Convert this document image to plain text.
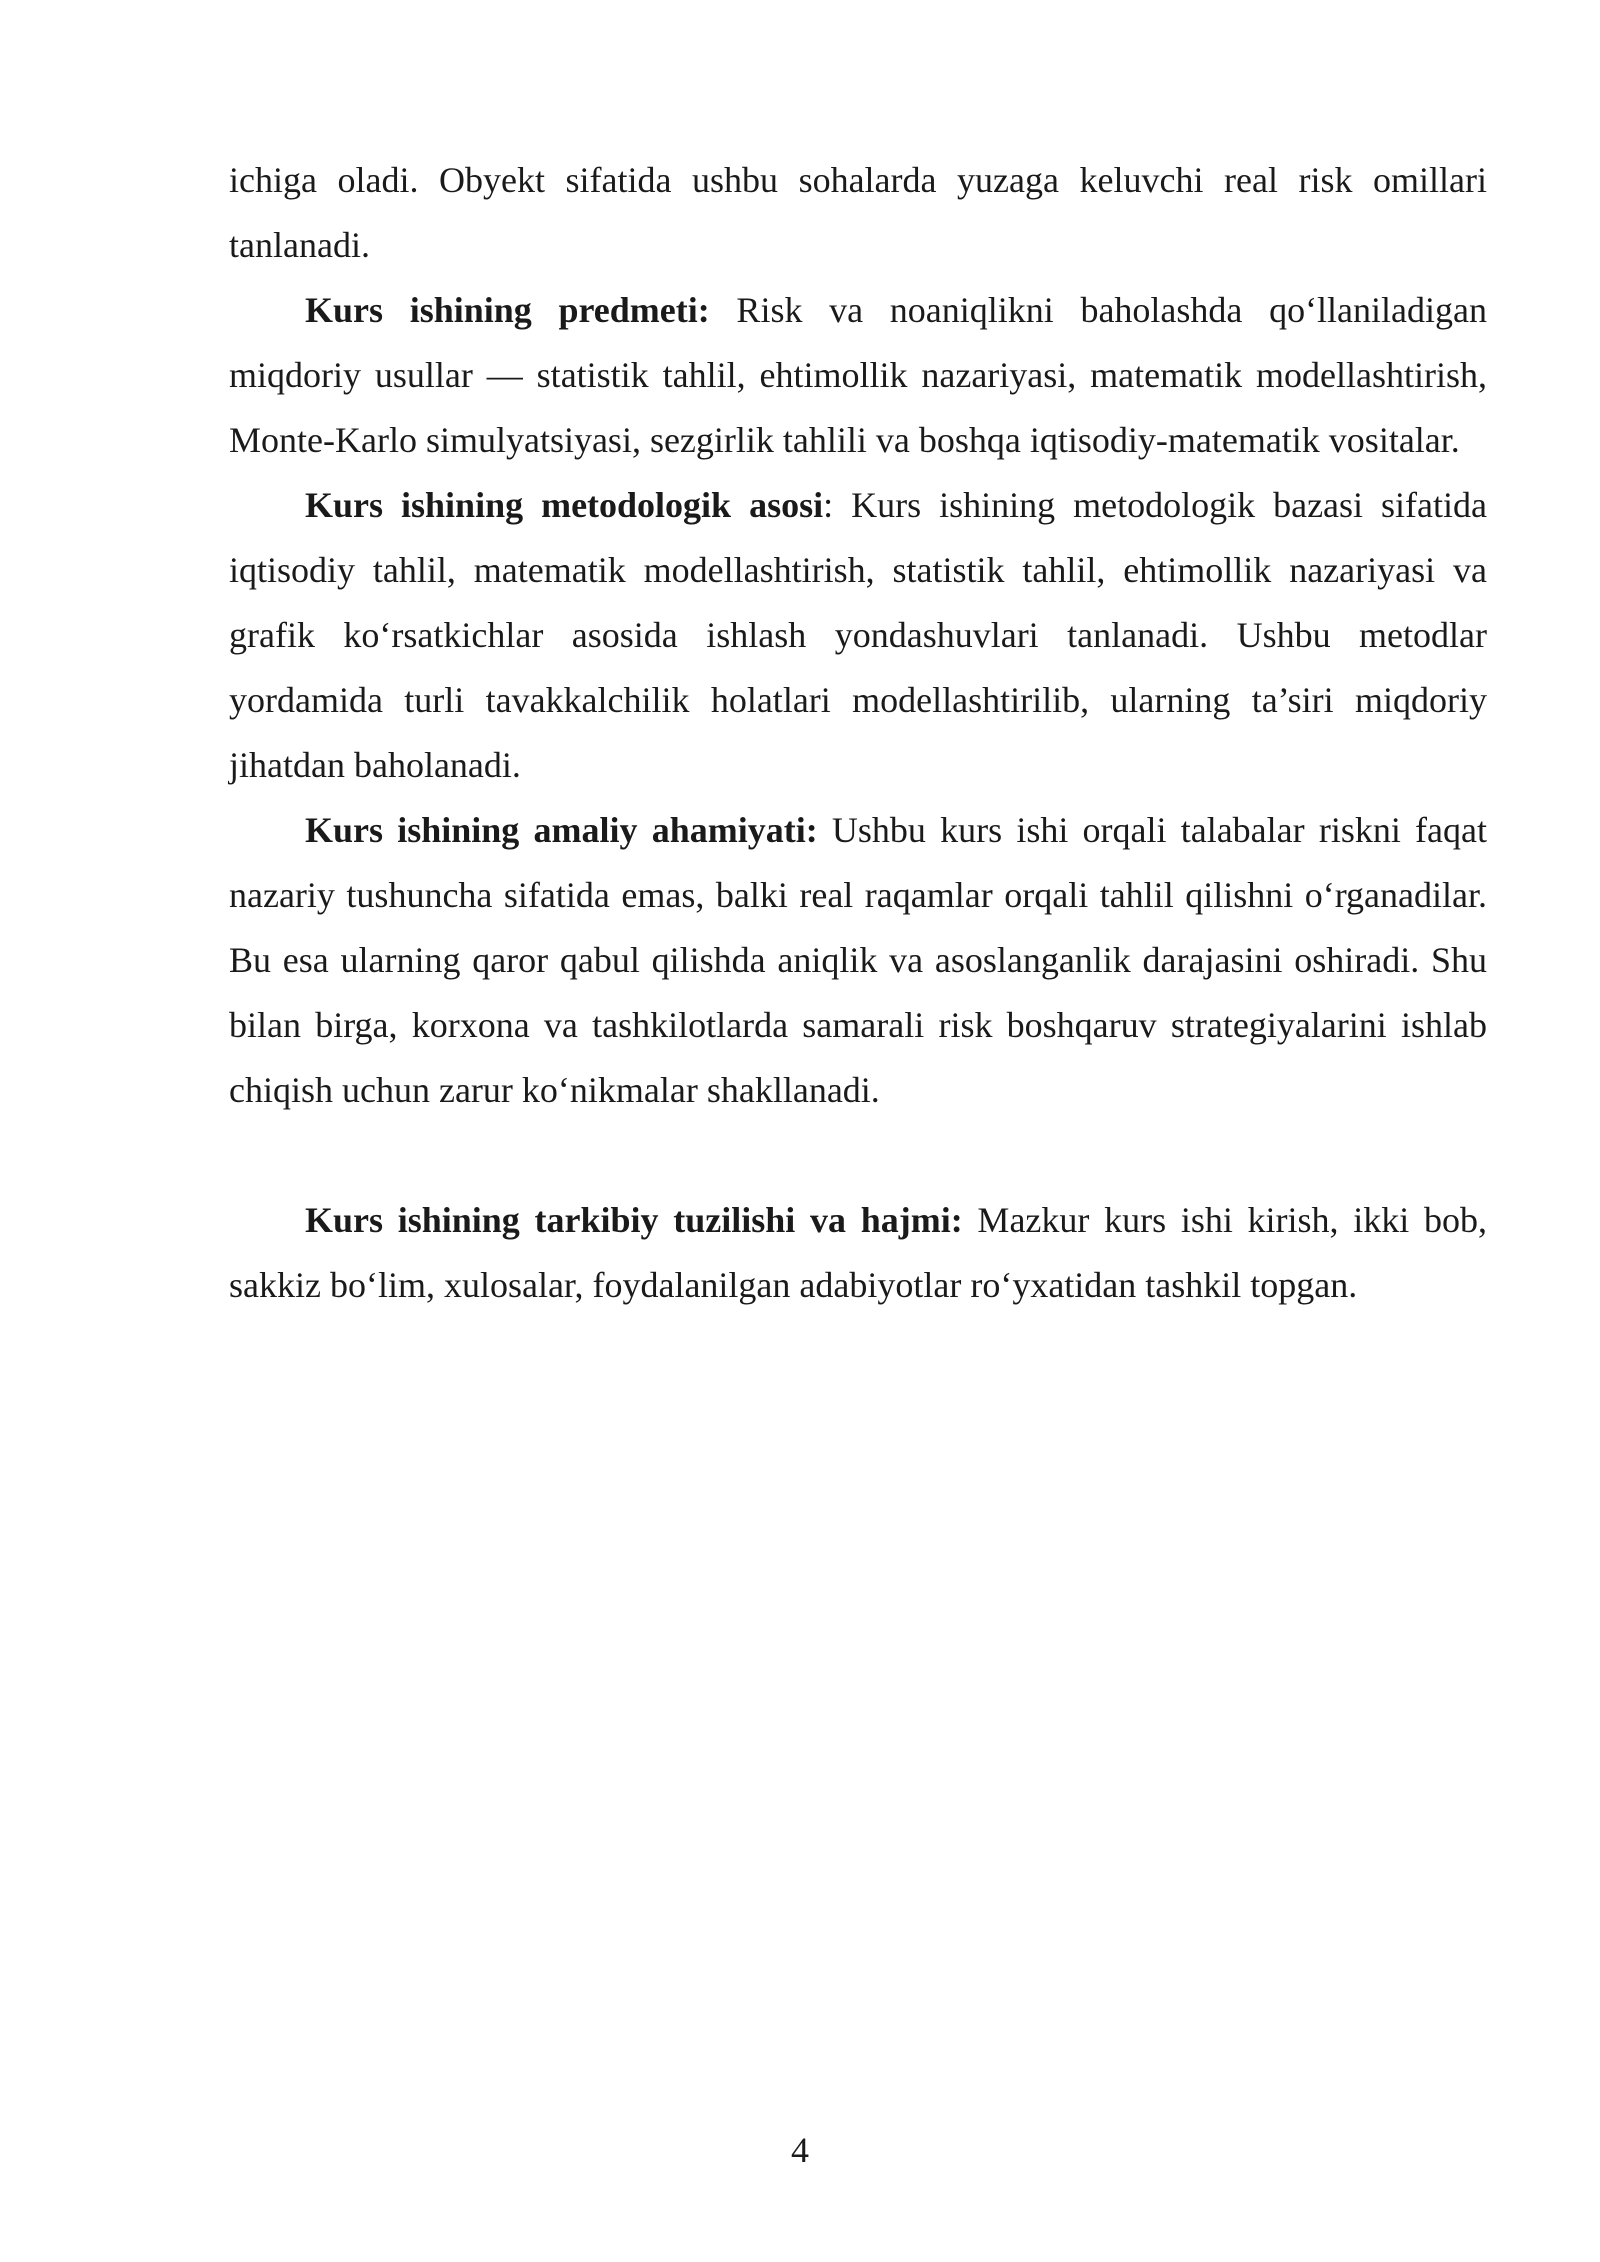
ichiga oladi. Obyekt sifatida ushbu sohalarda yuzaga keluvchi real risk omillari tanlanadi.

Kurs ishining predmeti: Risk va noaniqlikni baholashda qo‘llaniladigan miqdoriy usullar — statistik tahlil, ehtimollik nazariyasi, matematik modellashtirish, Monte-Karlo simulyatsiyasi, sezgirlik tahlili va boshqa iqtisodiy-matematik vositalar.

Kurs ishining metodologik asosi: Kurs ishining metodologik bazasi sifatida iqtisodiy tahlil, matematik modellashtirish, statistik tahlil, ehtimollik nazariyasi va grafik ko‘rsatkichlar asosida ishlash yondashuvlari tanlanadi. Ushbu metodlar yordamida turli tavakkalchilik holatlari modellashtirilib, ularning ta’siri miqdoriy jihatdan baholanadi.

Kurs ishining amaliy ahamiyati: Ushbu kurs ishi orqali talabalar riskni faqat nazariy tushuncha sifatida emas, balki real raqamlar orqali tahlil qilishni o‘rganadilar. Bu esa ularning qaror qabul qilishda aniqlik va asoslanganlik darajasini oshiradi. Shu bilan birga, korxona va tashkilotlarda samarali risk boshqaruv strategiyalarini ishlab chiqish uchun zarur ko‘nikmalar shakllanadi.

Kurs ishining tarkibiy tuzilishi va hajmi: Mazkur kurs ishi kirish, ikki bob, sakkiz bo‘lim, xulosalar, foydalanilgan adabiyotlar ro‘yxatidan tashkil topgan.

4
